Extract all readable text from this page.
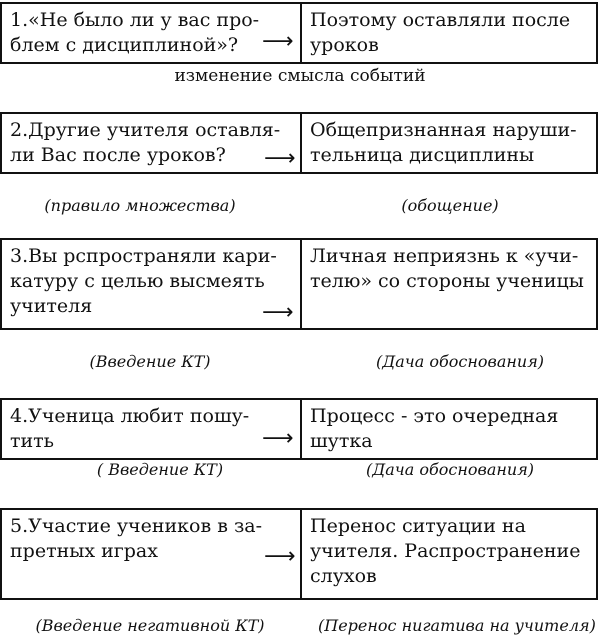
1.«Не было ли у вас про-
блем с дисциплиной»?	⟶
Поэтому оставляли после
уроков
изменение смысла событий
2.Другие учителя оставля-
ли Вас после уроков?	⟶
Общепризнанная наруши-
тельница дисциплины
(правило множества)	(обощение)
3.Вы рспространяли кари-
катуру с целью высмеять
учителя	⟶
Личная неприязнь к «учи-
телю» со стороны ученицы
(Введение КТ)	(Дача обоснования)
4.Ученица любит пошу-
тить	⟶
Процесс - это очередная
шутка
( Введение КТ)	(Дача обоснования)
5.Участие учеников в за-
претных играх	⟶
Перенос ситуации на
учителя. Распространение
слухов
(Введение негативной КТ)	(Перенос нигатива на учителя)
